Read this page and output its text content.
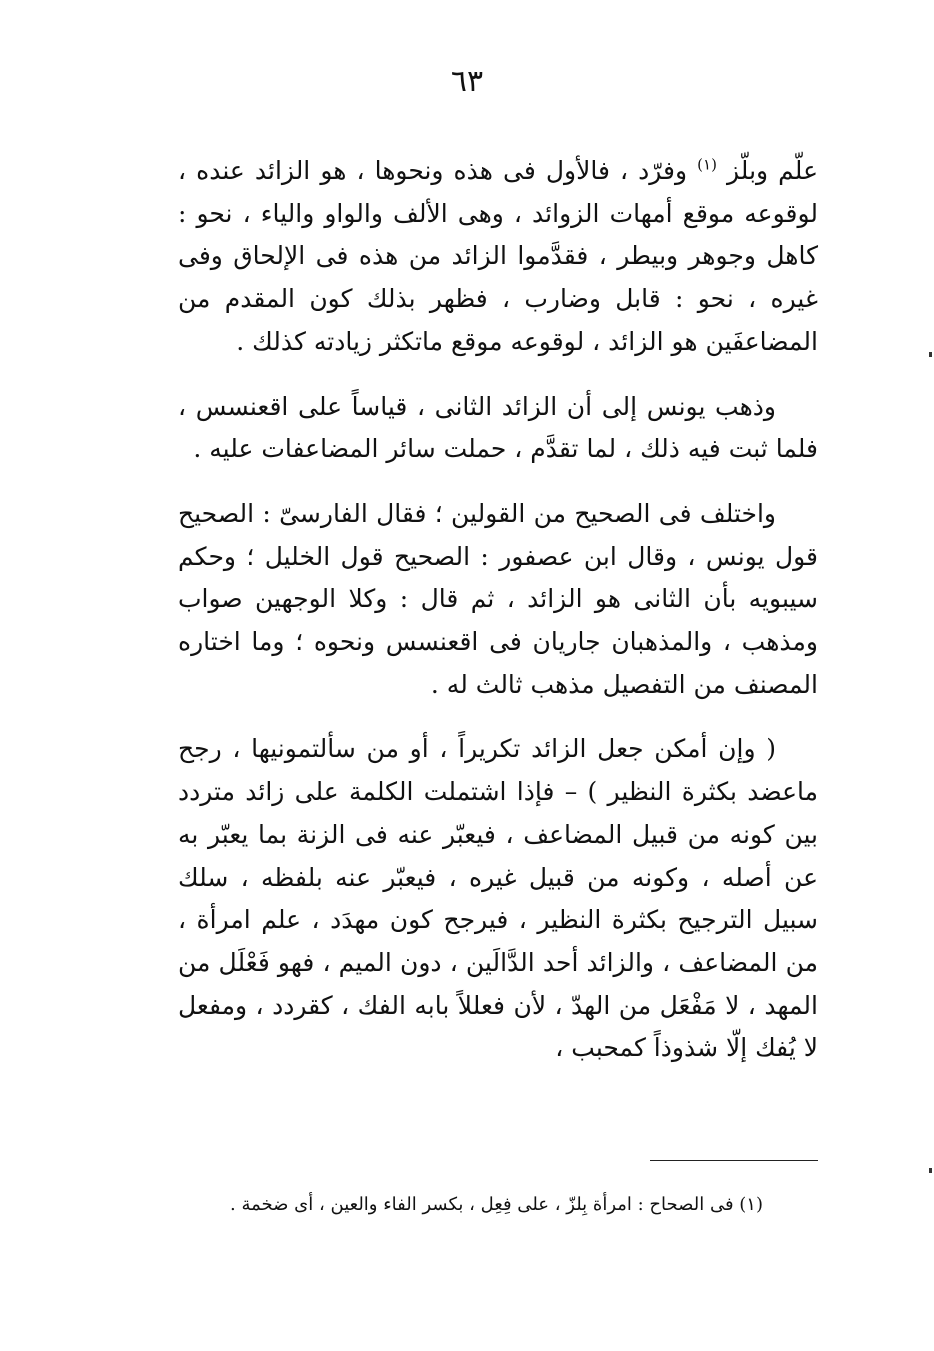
٦٣

علّم وبلّز $^{(١)}$ وفرّد ، فالأول فى هذه ونحوها ، هو الزائد عنده ، لوقوعه موقع أمهات الزوائد ، وهى الألف والواو والياء ، نحو : كاهل وجوهر وبيطر ، فقدَّموا الزائد من هذه فى الإلحاق وفى غيره ، نحو : قابل وضارب ، فظهر بذلك كون المقدم من المضاعفَين هو الزائد ، لوقوعه موقع ماتكثر زيادته كذلك .

وذهب يونس إلى أن الزائد الثانى ، قياساً على اقعنسس ، فلما ثبت فيه ذلك ، لما تقدَّم ، حملت سائر المضاعفات عليه .

واختلف فى الصحيح من القولين ؛ فقال الفارسىّ : الصحيح قول يونس ، وقال ابن عصفور : الصحيح قول الخليل ؛ وحكم سيبويه بأن الثانى هو الزائد ، ثم قال : وكلا الوجهين صواب ومذهب ، والمذهبان جاريان فى اقعنسس ونحوه ؛ وما اختاره المصنف من التفصيل مذهب ثالث له .

( وإن أمكن جعل الزائد تكريراً ، أو من سألتمونيها ، رجح ماعضد بكثرة النظير ) – فإذا اشتملت الكلمة على زائد متردد بين كونه من قبيل المضاعف ، فيعبّر عنه فى الزنة بما يعبّر به عن أصله ، وكونه من قبيل غيره ، فيعبّر عنه بلفظه ، سلك سبيل الترجيح بكثرة النظير ، فيرجح كون مهدَد ، علم امرأة ، من المضاعف ، والزائد أحد الدَّالَين ، دون الميم ، فهو فَعْلَل من المهد ، لا مَفْعَل من الهدّ ، لأن فعللاً بابه الفك ، كقردد ، ومفعل لا يُفك إلّا شذوذاً كمحبب ،

(١) فى الصحاح : امرأة بِلزّ ، على فِعِل ، بكسر الفاء والعين ، أى ضخمة .
